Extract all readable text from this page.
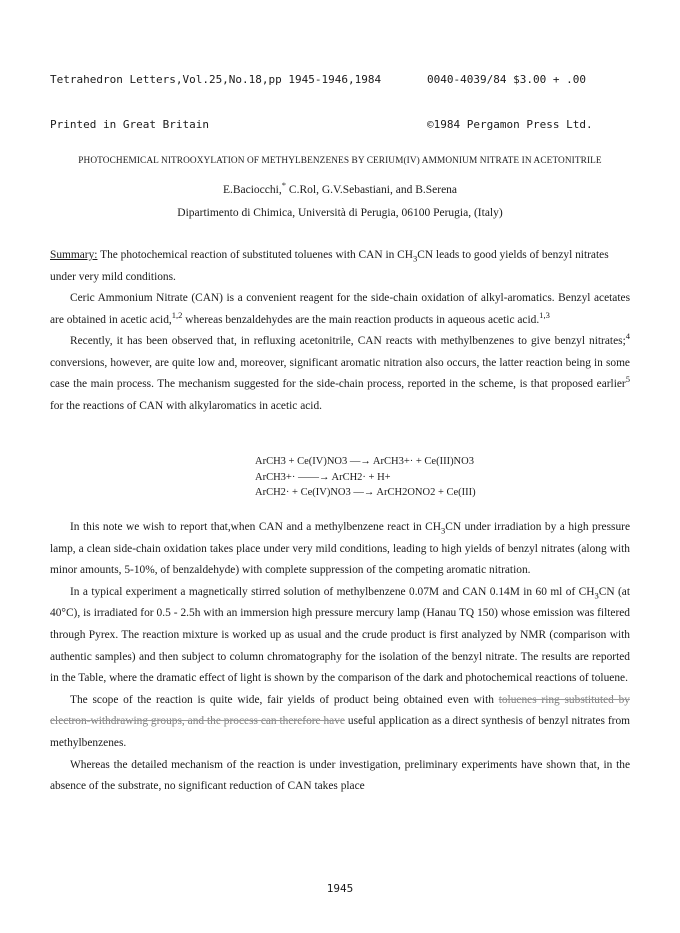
Tetrahedron Letters,Vol.25,No.18,pp 1945-1946,1984

Printed in Great Britain

0040-4039/84 $3.00 + .00

©1984 Pergamon Press Ltd.

PHOTOCHEMICAL NITROOXYLATION OF METHYLBENZENES BY CERIUM(IV) AMMONIUM NITRATE IN ACETONITRILE
E.Baciocchi,* C.Rol, G.V.Sebastiani, and B.Serena
Dipartimento di Chimica, Università di Perugia, 06100 Perugia, (Italy)
Summary: The photochemical reaction of substituted toluenes with CAN in $CH_3CN$ leads to good yields of benzyl nitrates under very mild conditions.

Ceric Ammonium Nitrate (CAN) is a convenient reagent for the side-chain oxidation of alkyl-aromatics. Benzyl acetates are obtained in acetic acid,$^{1,2}$ whereas benzaldehydes are the main reaction products in aqueous acetic acid.$^{1,3}$

Recently, it has been observed that, in refluxing acetonitrile, CAN reacts with methylbenzenes to give benzyl nitrates;$^4$ conversions, however, are quite low and, moreover, significant aromatic nitration also occurs, the latter reaction being in some case the main process. The mechanism suggested for the side-chain process, reported in the scheme, is that proposed earlier$^5$ for the reactions of CAN with alkylaromatics in acetic acid.

ArCH3 + Ce(IV)NO3 —→ ArCH3+· + Ce(III)NO3
ArCH3+· ——→ ArCH2· + H+
ArCH2· + Ce(IV)NO3 —→ ArCH2ONO2 + Ce(III)

In this note we wish to report that,when CAN and a methylbenzene react in $CH_3CN$ under irradiation by a high pressure lamp, a clean side-chain oxidation takes place under very mild conditions, leading to high yields of benzyl nitrates (along with minor amounts, 5-10%, of benzaldehyde) with complete suppression of the competing aromatic nitration.

In a typical experiment a magnetically stirred solution of methylbenzene 0.07M and CAN 0.14M in 60 ml of $CH_3CN$ (at 40°C), is irradiated for 0.5 - 2.5h with an immersion high pressure mercury lamp (Hanau TQ 150) whose emission was filtered through Pyrex. The reaction mixture is worked up as usual and the crude product is first analyzed by NMR (comparison with authentic samples) and then subject to column chromatography for the isolation of the benzyl nitrate. The results are reported in the Table, where the dramatic effect of light is shown by the comparison of the dark and photochemical reactions of toluene.

The scope of the reaction is quite wide, fair yields of product being obtained even with toluenes ring substituted by electron-withdrawing groups, and the process can therefore have useful application as a direct synthesis of benzyl nitrates from methylbenzenes.

Whereas the detailed mechanism of the reaction is under investigation, preliminary experiments have shown that, in the absence of the substrate, no significant reduction of CAN takes place

1945
